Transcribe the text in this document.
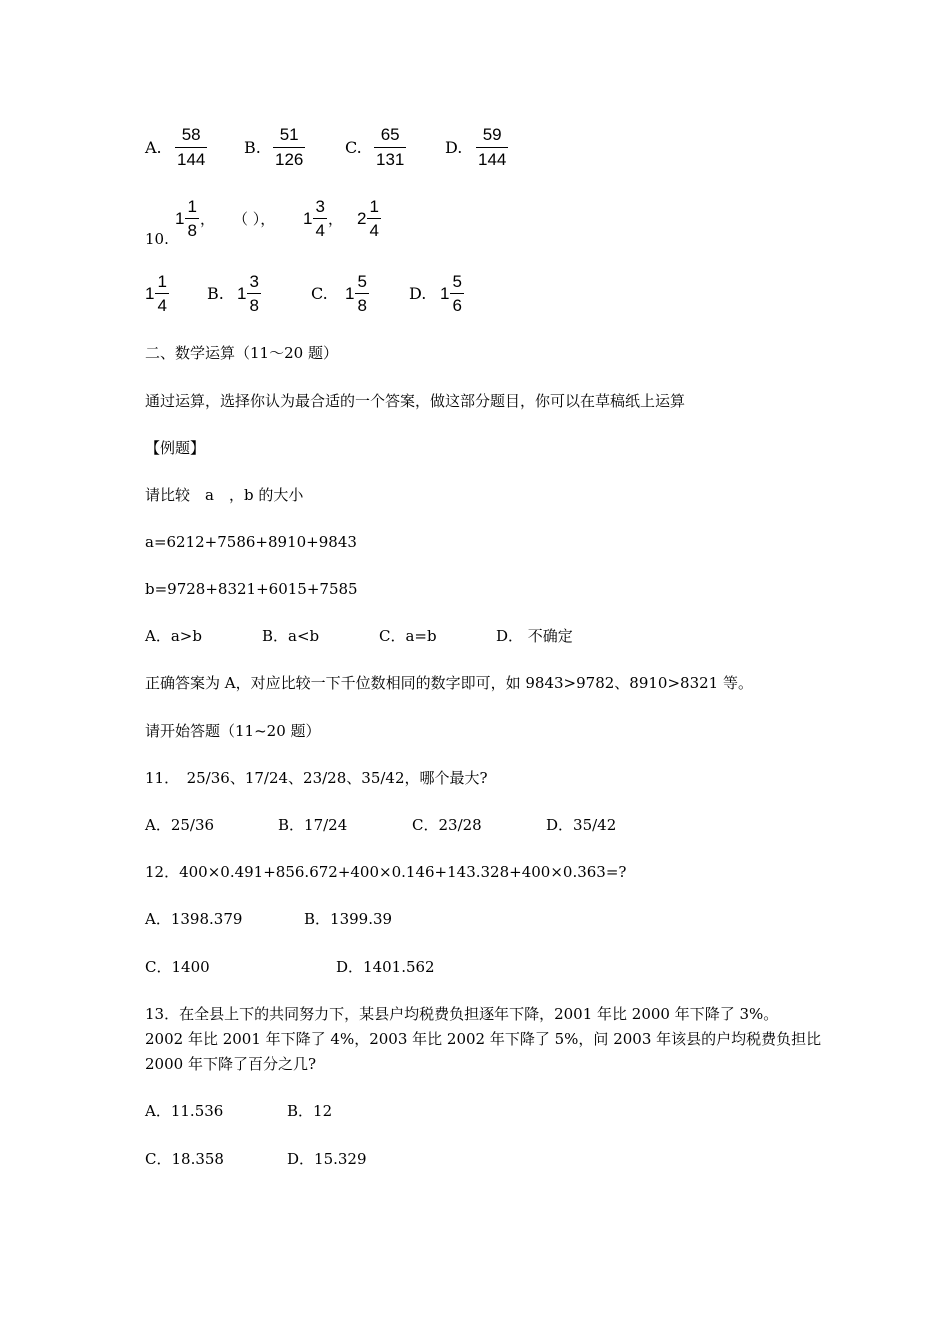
A.
58
144
B.
51
126
C.
65
131
D.
59
144
10.
1
1
8
， （ ）， 1
3
4
， 2
1
4
1
1
4
B. 1
3
8
C. 1
5
8
D. 1
5
6
二、数学运算（11～20 题）
通过运算，选择你认为最合适的一个答案，做这部分题目，你可以在草稿纸上运算
【例题】
请比较　a　，b 的大小
a=6212+7586+8910+9843
b=9728+8321+6015+7585
A．a>b	B．a<b	C．a=b	D． 不确定
正确答案为 A，对应比较一下千位数相同的数字即可，如 9843>9782、8910>8321 等。
请开始答题（11~20 题）
11．　25/36、17/24、23/28、35/42，哪个最大?
A．25/36	B．17/24	C．23/28	D．35/42
12．400×0.491+856.672+400×0.146+143.328+400×0.363=?
A．1398.379	B．1399.39
C．1400	D．1401.562
13．在全县上下的共同努力下，某县户均税费负担逐年下降，2001 年比 2000 年下降了 3%。
2002 年比 2001 年下降了 4%，2003 年比 2002 年下降了 5%，问 2003 年该县的户均税费负担比
2000 年下降了百分之几?
A．11.536	B．12
C．18.358	D．15.329
